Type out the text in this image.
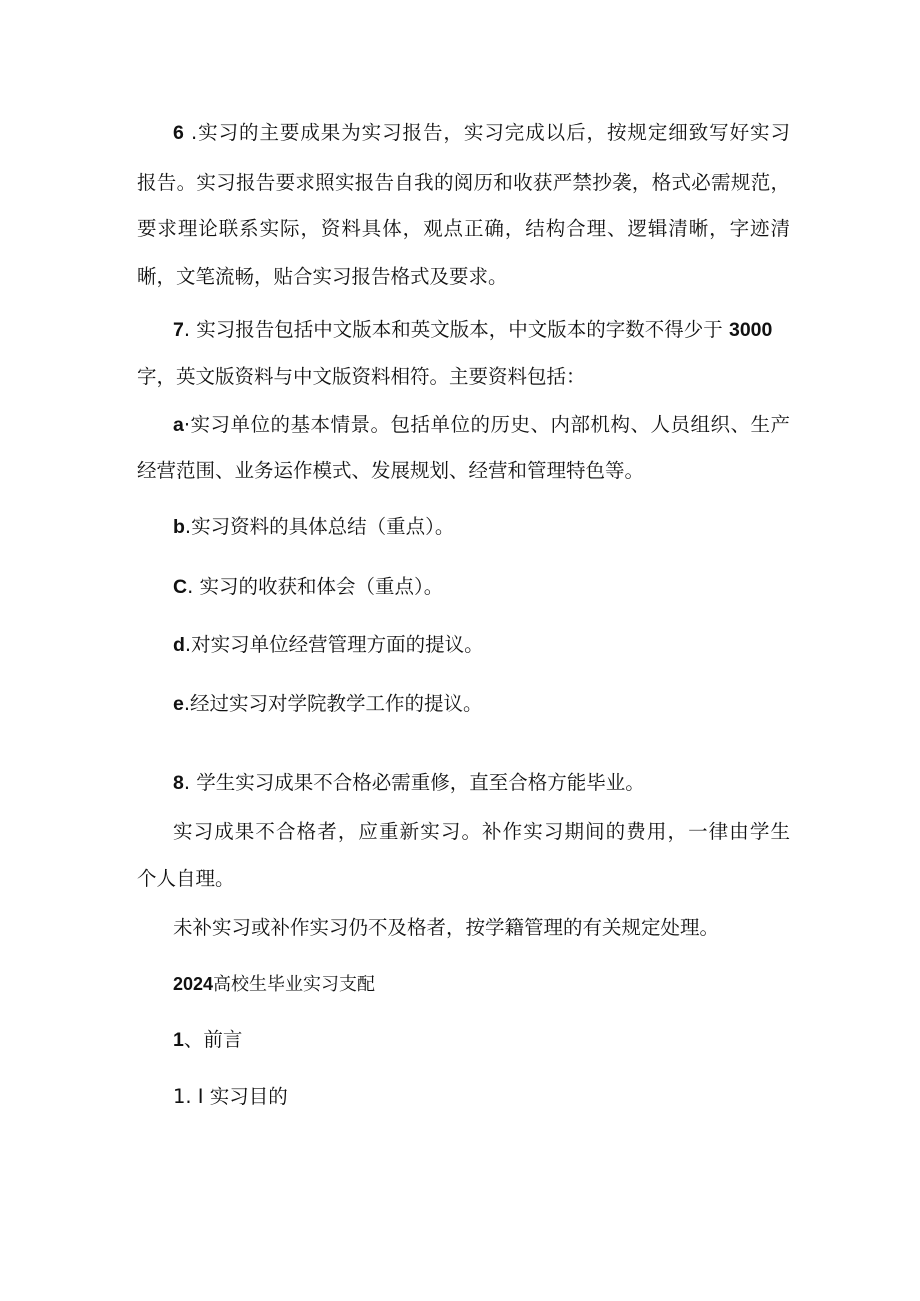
6 .实习的主要成果为实习报告，实习完成以后，按规定细致写好实习
报告。实习报告要求照实报告自我的阅历和收获严禁抄袭，格式必需规范，
要求理论联系实际，资料具体，观点正确，结构合理、逻辑清晰，字迹清
晰，文笔流畅，贴合实习报告格式及要求。
7. 实习报告包括中文版本和英文版本，中文版本的字数不得少于 3000
字，英文版资料与中文版资料相符。主要资料包括：
a·实习单位的基本情景。包括单位的历史、内部机构、人员组织、生产
经营范围、业务运作模式、发展规划、经营和管理特色等。
b.实习资料的具体总结（重点）。
C. 实习的收获和体会（重点）。
d.对实习单位经营管理方面的提议。
e.经过实习对学院教学工作的提议。
8. 学生实习成果不合格必需重修，直至合格方能毕业。
实习成果不合格者，应重新实习。补作实习期间的费用，一律由学生
个人自理。
未补实习或补作实习仍不及格者，按学籍管理的有关规定处理。
2024高校生毕业实习支配
1、前言
1. I 实习目的
